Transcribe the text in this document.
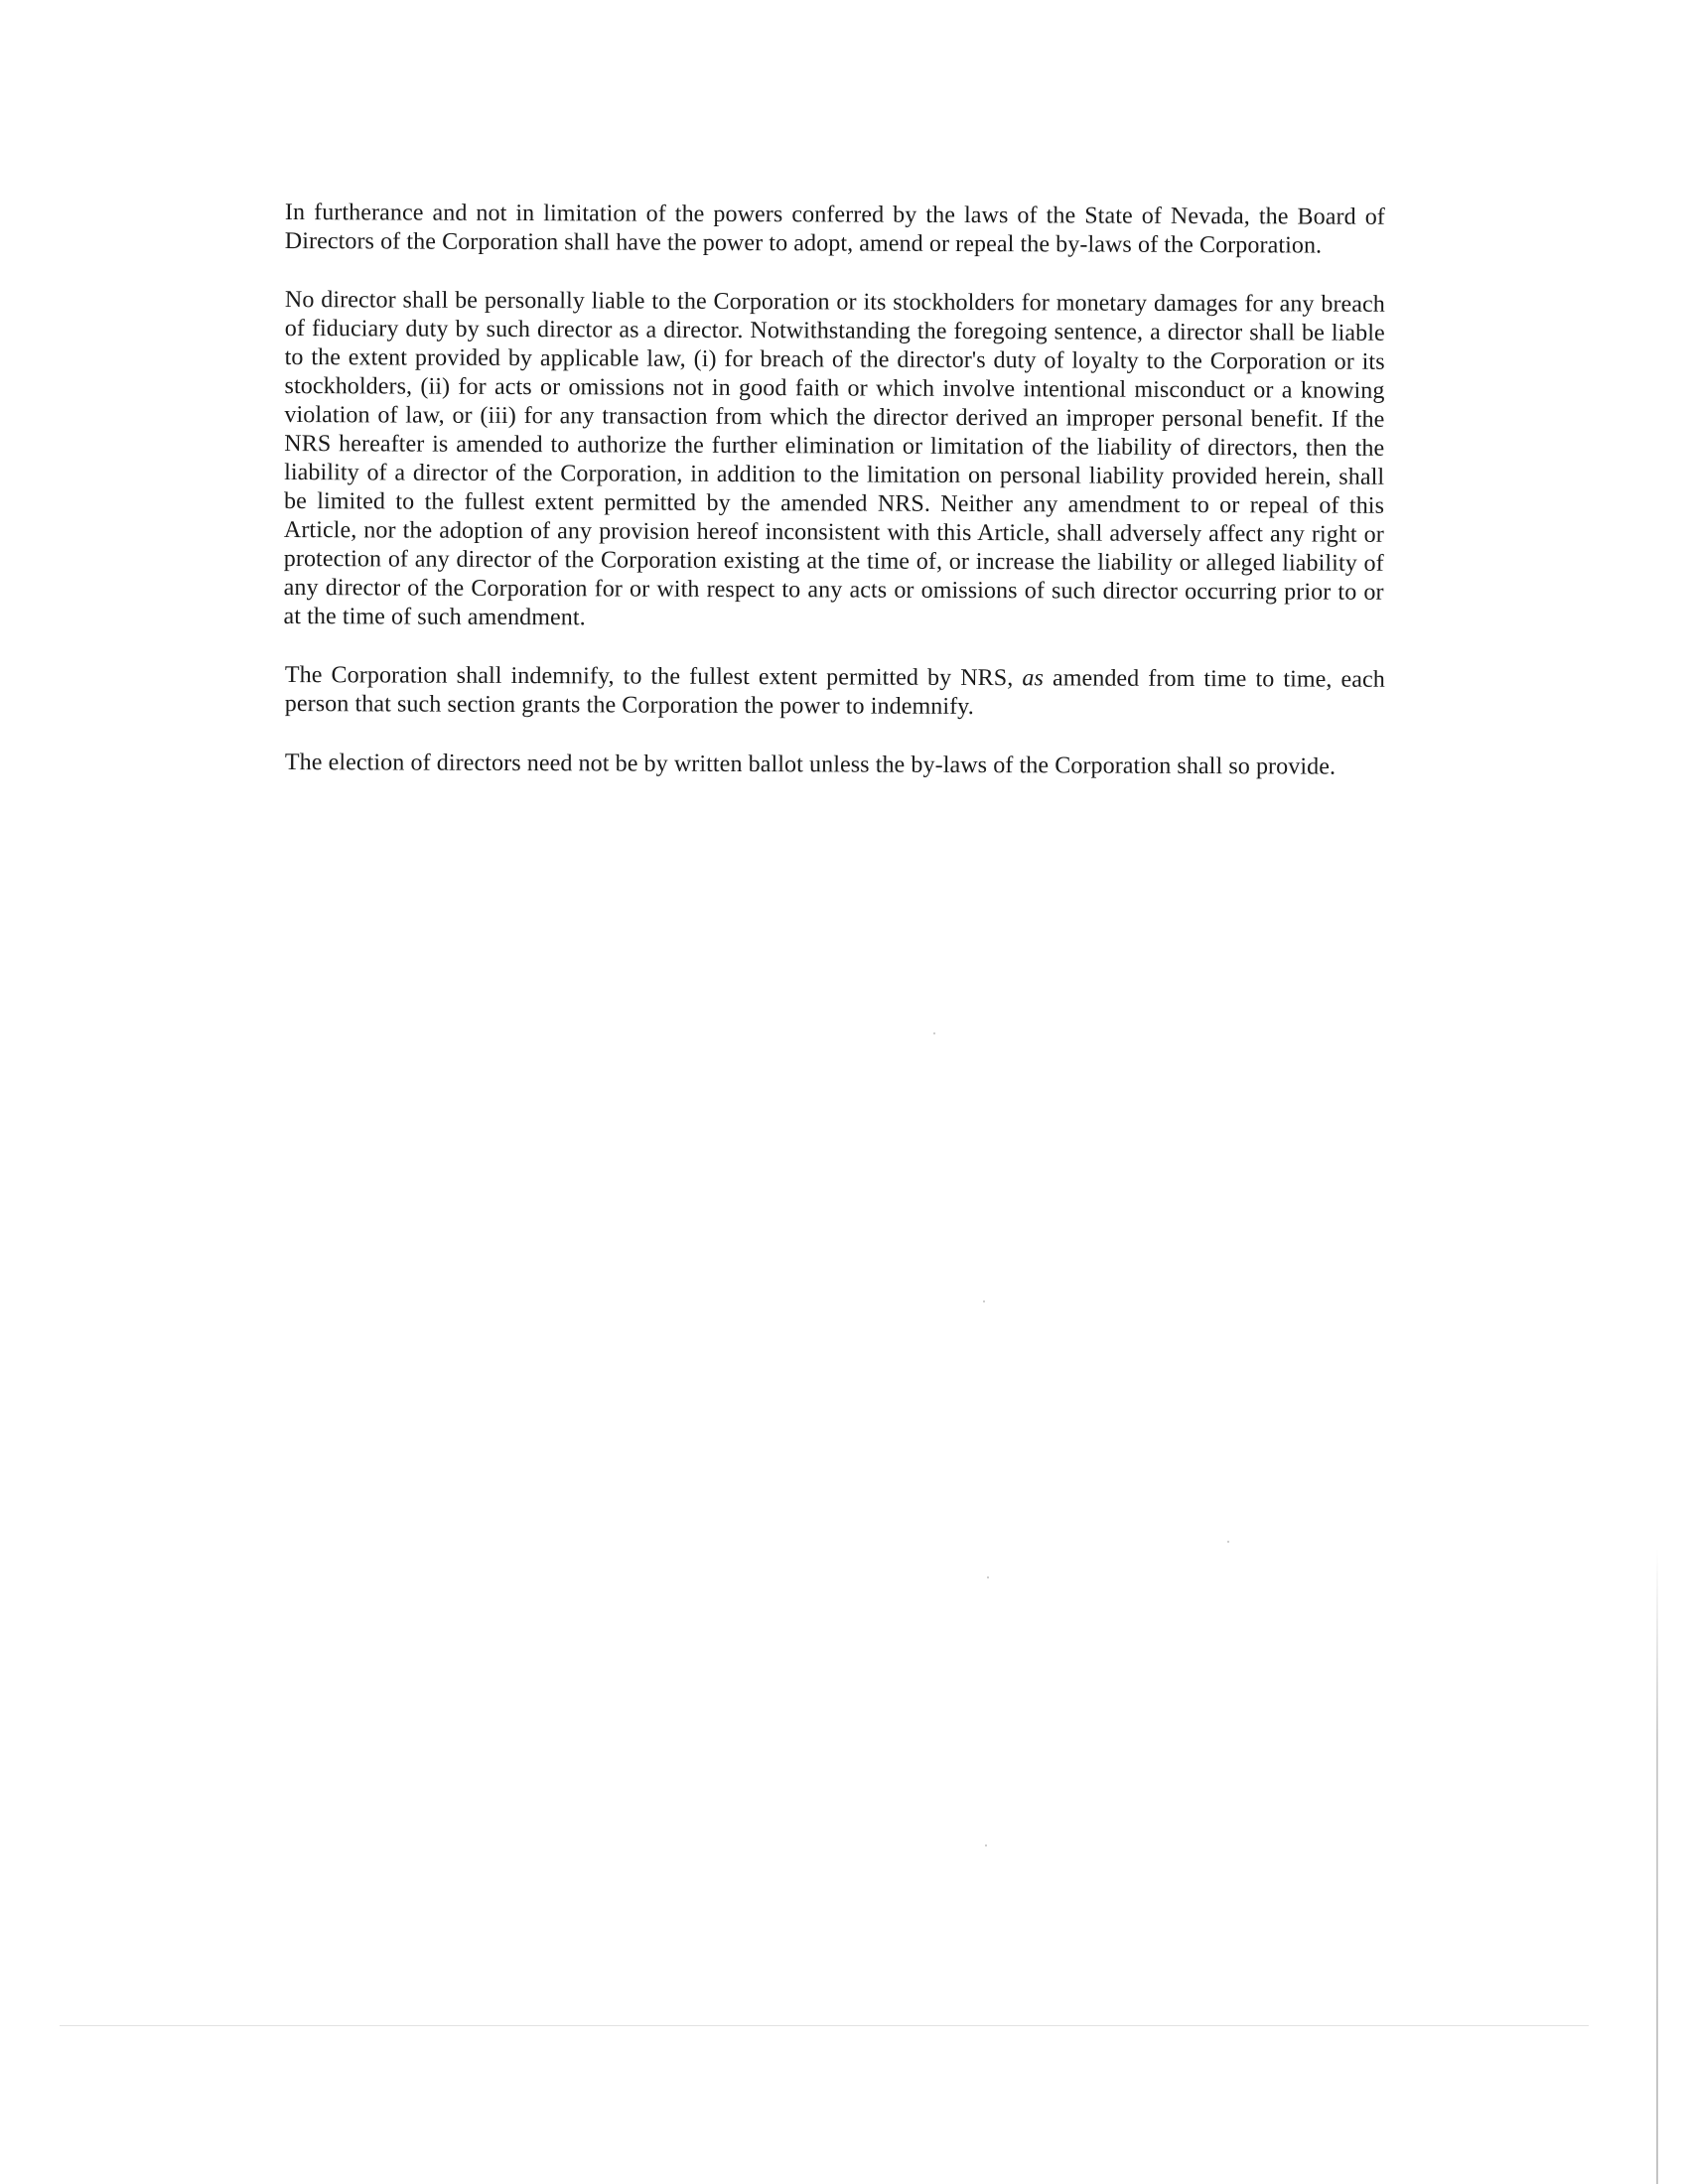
In furtherance and not in limitation of the powers conferred by the laws of the State of Nevada, the Board of Directors of the Corporation shall have the power to adopt, amend or repeal the by-laws of the Corporation.

No director shall be personally liable to the Corporation or its stockholders for monetary damages for any breach of fiduciary duty by such director as a director. Notwithstanding the foregoing sentence, a director shall be liable to the extent provided by applicable law, (i) for breach of the director's duty of loyalty to the Corporation or its stockholders, (ii) for acts or omissions not in good faith or which involve intentional misconduct or a knowing violation of law, or (iii) for any transaction from which the director derived an improper personal benefit. If the NRS hereafter is amended to authorize the further elimination or limitation of the liability of directors, then the liability of a director of the Corporation, in addition to the limitation on personal liability provided herein, shall be limited to the fullest extent permitted by the amended NRS. Neither any amendment to or repeal of this Article, nor the adoption of any provision hereof inconsistent with this Article, shall adversely affect any right or protection of any director of the Corporation existing at the time of, or increase the liability or alleged liability of any director of the Corporation for or with respect to any acts or omissions of such director occurring prior to or at the time of such amendment.

The Corporation shall indemnify, to the fullest extent permitted by NRS, as amended from time to time, each person that such section grants the Corporation the power to indemnify.

The election of directors need not be by written ballot unless the by-laws of the Corporation shall so provide.
